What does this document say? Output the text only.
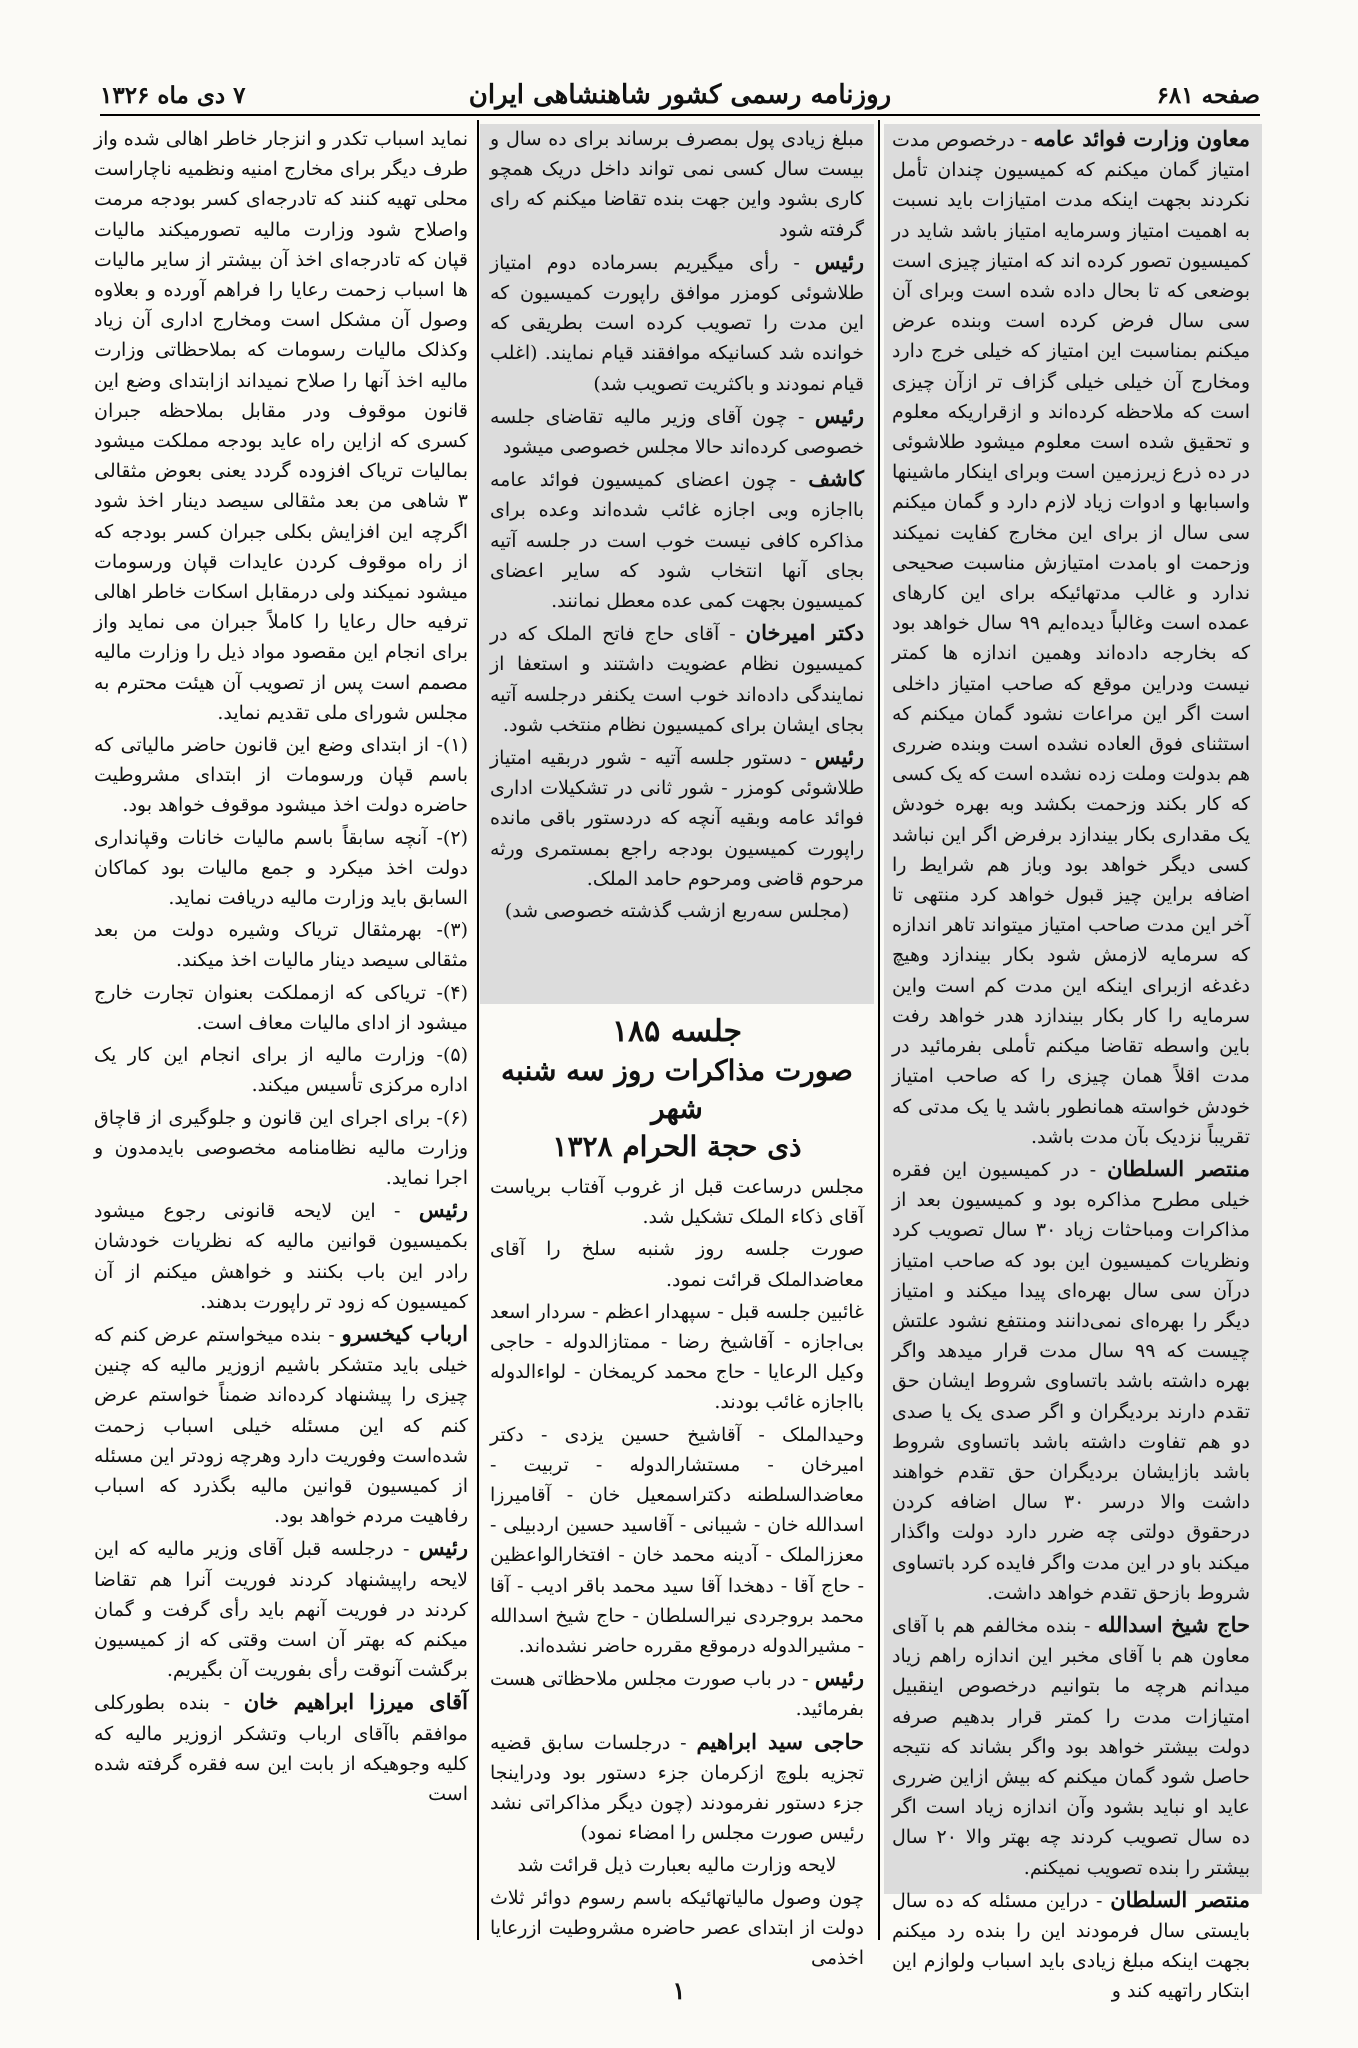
صفحه ۶۸۱
روزنامه رسمی کشور شاهنشاهی ایران
۷ دی ماه ۱۳۲۶

معاون وزارت فوائد عامه - درخصوص مدت امتیاز گمان میکنم که کمیسیون چندان تأمل نکردند بجهت اینکه مدت امتیازات باید نسبت به اهمیت امتیاز وسرمایه امتیاز باشد شاید در کمیسیون تصور کرده اند که امتیاز چیزی است بوضعی که تا بحال داده شده است وبرای آن سی سال فرض کرده است وبنده عرض میکنم بمناسبت این امتیاز که خیلی خرج دارد ومخارج آن خیلی خیلی گزاف تر ازآن چیزی است که ملاحظه کرده‌اند و ازقراریکه معلوم و تحقیق شده است معلوم میشود طلاشوئی در ده ذرع زیرزمین است وبرای اینکار ماشینها واسبابها و ادوات زیاد لازم دارد و گمان میکنم سی سال از برای این مخارج کفایت نمیکند وزحمت او بامدت امتیازش مناسبت صحیحی ندارد و غالب مدتهائیکه برای این کارهای عمده است وغالباً دیده‌ایم ۹۹ سال خواهد بود که بخارجه داده‌اند وهمین اندازه ها کمتر نیست ودراین موقع که صاحب امتیاز داخلی است اگر این مراعات نشود گمان میکنم که استثنای فوق العاده نشده است وبنده ضرری هم بدولت وملت زده نشده است که یک کسی که کار بکند وزحمت بکشد وبه بهره خودش یک مقداری بکار بیندازد برفرض اگر این نباشد کسی دیگر خواهد بود وباز هم شرایط را اضافه براین چیز قبول خواهد کرد منتهی تا آخر این مدت صاحب امتیاز میتواند تاهر اندازه که سرمایه لازمش شود بکار بیندازد وهیچ دغدغه ازبرای اینکه این مدت کم است واین سرمایه را کار بکار بیندازد هدر خواهد رفت باین واسطه تقاضا میکنم تأملی بفرمائید در مدت اقلاً همان چیزی را که صاحب امتیاز خودش خواسته همانطور باشد یا یک مدتی که تقریباً نزدیک بآن مدت باشد.

منتصر السلطان - در کمیسیون این فقره خیلی مطرح مذاکره بود و کمیسیون بعد از مذاکرات ومباحثات زیاد ۳۰ سال تصویب کرد ونظریات کمیسیون این بود که صاحب امتیاز درآن سی سال بهره‌ای پیدا میکند و امتیاز دیگر را بهره‌ای نمی‌دانند ومنتفع نشود علتش چیست که ۹۹ سال مدت قرار میدهد واگر بهره داشته باشد باتساوی شروط ایشان حق تقدم دارند بردیگران و اگر صدی یک یا صدی دو هم تفاوت داشته باشد باتساوی شروط باشد بازایشان بردیگران حق تقدم خواهند داشت والا درسر ۳۰ سال اضافه کردن درحقوق دولتی چه ضرر دارد دولت واگذار میکند باو در این مدت واگر فایده کرد باتساوی شروط بازحق تقدم خواهد داشت.

حاج شیخ اسدالله - بنده مخالفم هم با آقای معاون هم با آقای مخبر این اندازه راهم زیاد میدانم هرچه ما بتوانیم درخصوص اینقبیل امتیازات مدت را کمتر قرار بدهیم صرفه دولت بیشتر خواهد بود واگر بشاند که نتیجه حاصل شود گمان میکنم که بیش ازاین ضرری عاید او نباید بشود وآن اندازه زیاد است اگر ده سال تصویب کردند چه بهتر والا ۲۰ سال بیشتر را بنده تصویب نمیکنم.

منتصر السلطان - دراین مسئله که ده سال بایستی سال فرمودند این را بنده رد میکنم بجهت اینکه مبلغ زیادی باید اسباب ولوازم این ابتکار راتهیه کند و

مبلغ زیادی پول بمصرف برساند برای ده سال و بیست سال کسی نمی تواند داخل دریک همچو کاری بشود واین جهت بنده تقاضا میکنم که رای گرفته شود

رئیس - رأی میگیریم بسرماده دوم امتیاز طلاشوئی کومزر موافق راپورت کمیسیون که این مدت را تصویب کرده است بطریقی که خوانده شد کسانیکه موافقند قیام نمایند. (اغلب قیام نمودند و باکثریت تصویب شد)

رئیس - چون آقای وزیر مالیه تقاضای جلسه خصوصی کرده‌اند حالا مجلس خصوصی میشود

کاشف - چون اعضای کمیسیون فوائد عامه بااجازه وبی اجازه غائب شده‌اند وعده برای مذاکره کافی نیست خوب است در جلسه آتیه بجای آنها انتخاب شود که سایر اعضای کمیسیون بجهت کمی عده معطل نمانند.

دکتر امیرخان - آقای حاج فاتح الملک که در کمیسیون نظام عضویت داشتند و استعفا از نمایندگی داده‌اند خوب است یکنفر درجلسه آتیه بجای ایشان برای کمیسیون نظام منتخب شود.

رئیس - دستور جلسه آتیه - شور دربقیه امتیاز طلاشوئی کومزر - شور ثانی در تشکیلات اداری فوائد عامه وبقیه آنچه که دردستور باقی مانده راپورت کمیسیون بودجه راجع بمستمری ورثه مرحوم قاضی ومرحوم حامد الملک.

(مجلس سه‌ربع ازشب گذشته خصوصی شد)

جلسه ۱۸۵
صورت مذاکرات روز سه شنبه شهر
ذی حجة الحرام ۱۳۲۸

مجلس درساعت قبل از غروب آفتاب بریاست آقای ذکاء الملک تشکیل شد.

صورت جلسه روز شنبه سلخ را آقای معاضدالملک قرائت نمود.

غائبین جلسه قبل - سپهدار اعظم - سردار اسعد بی‌اجازه - آقاشیخ رضا - ممتازالدوله - حاجی وکیل الرعایا - حاج محمد کریمخان - لواءالدوله بااجازه غائب بودند.

وحیدالملک - آقاشیخ حسین یزدی - دکتر امیرخان - مستشارالدوله - تربیت - معاضدالسلطنه دکتراسمعیل خان - آقامیرزا اسدالله خان - شیبانی - آقاسید حسین اردبیلی - معززالملک - آدینه محمد خان - افتخارالواعظین - حاج آقا - دهخدا آقا سید محمد باقر ادیب - آقا محمد بروجردی نیرالسلطان - حاج شیخ اسدالله - مشیرالدوله درموقع مقرره حاضر نشده‌اند.

رئیس - در باب صورت مجلس ملاحظاتی هست بفرمائید.

حاجی سید ابراهیم - درجلسات سابق قضیه تجزیه بلوچ ازکرمان جزء دستور بود ودراینجا جزء دستور نفرمودند (چون دیگر مذاکراتی نشد رئیس صورت مجلس را امضاء نمود)

لایحه وزارت مالیه بعبارت ذیل قرائت شد

چون وصول مالیاتهائیکه باسم رسوم دوائر ثلاث دولت از ابتدای عصر حاضره مشروطیت ازرعایا اخذمی

نماید اسباب تکدر و انزجار خاطر اهالی شده واز طرف دیگر برای مخارج امنیه ونظمیه ناچاراست محلی تهیه کنند که تادرجه‌ای کسر بودجه مرمت واصلاح شود وزارت مالیه تصورمیکند مالیات قپان که تادرجه‌ای اخذ آن بیشتر از سایر مالیات ها اسباب زحمت رعایا را فراهم آورده و بعلاوه وصول آن مشکل است ومخارج اداری آن زیاد وکذلک مالیات رسومات که بملاحظاتی وزارت مالیه اخذ آنها را صلاح نمیداند ازابتدای وضع این قانون موقوف ودر مقابل بملاحظه جبران کسری که ازاین راه عاید بودجه مملکت میشود بمالیات تریاک افزوده گردد یعنی بعوض مثقالی ۳ شاهی من بعد مثقالی سیصد دینار اخذ شود اگرچه این افزایش بکلی جبران کسر بودجه که از راه موقوف کردن عایدات قپان ورسومات میشود نمیکند ولی درمقابل اسکات خاطر اهالی ترفیه حال رعایا را کاملاً جبران می نماید واز برای انجام این مقصود مواد ذیل را وزارت مالیه مصمم است پس از تصویب آن هیئت محترم به مجلس شورای ملی تقدیم نماید.

(۱)- از ابتدای وضع این قانون حاضر مالیاتی که باسم قپان ورسومات از ابتدای مشروطیت حاضره دولت اخذ میشود موقوف خواهد بود.

(۲)- آنچه سابقاً باسم مالیات خانات وقپانداری دولت اخذ میکرد و جمع مالیات بود کماکان السابق باید وزارت مالیه دریافت نماید.

(۳)- بهرمثقال تریاک وشیره دولت من بعد مثقالی سیصد دینار مالیات اخذ میکند.

(۴)- تریاکی که ازمملکت بعنوان تجارت خارج میشود از ادای مالیات معاف است.

(۵)- وزارت مالیه از برای انجام این کار یک اداره مرکزی تأسیس میکند.

(۶)- برای اجرای این قانون و جلوگیری از قاچاق وزارت مالیه نظامنامه مخصوصی بایدمدون و اجرا نماید.

رئیس - این لایحه قانونی رجوع میشود بکمیسیون قوانین مالیه که نظریات خودشان رادر این باب بکنند و خواهش میکنم از آن کمیسیون که زود تر راپورت بدهند.

ارباب کیخسرو - بنده میخواستم عرض کنم که خیلی باید متشکر باشیم ازوزیر مالیه که چنین چیزی را پیشنهاد کرده‌اند ضمناً خواستم عرض کنم که این مسئله خیلی اسباب زحمت شده‌است وفوریت دارد وهرچه زودتر این مسئله از کمیسیون قوانین مالیه بگذرد که اسباب رفاهیت مردم خواهد بود.

رئیس - درجلسه قبل آقای وزیر مالیه که این لایحه راپیشنهاد کردند فوریت آنرا هم تقاضا کردند در فوریت آنهم باید رأی گرفت و گمان میکنم که بهتر آن است وقتی که از کمیسیون برگشت آنوقت رأی بفوریت آن بگیریم.

آقای میرزا ابراهیم خان - بنده بطورکلی موافقم باآقای ارباب وتشکر ازوزیر مالیه که کلیه وجوهیکه از بابت این سه فقره گرفته شده است

۱
